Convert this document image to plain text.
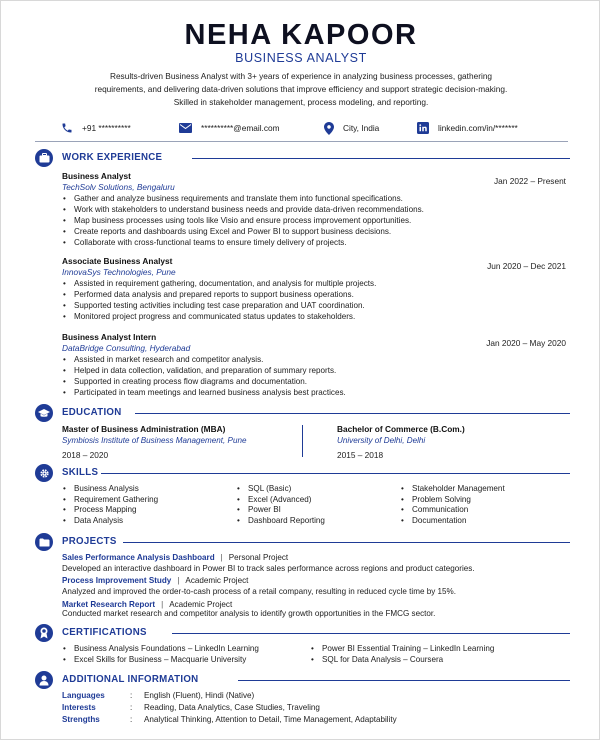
NEHA KAPOOR
BUSINESS ANALYST
Results-driven Business Analyst with 3+ years of experience in analyzing business processes, gathering requirements, and delivering data-driven solutions that improve efficiency and support strategic decision-making. Skilled in stakeholder management, process modeling, and reporting.
+91 **********	**********@email.com	City, India	linkedin.com/in/*******
WORK EXPERIENCE
Business Analyst
TechSolv Solutions, Bengaluru
Jan 2022 – Present
• Gather and analyze business requirements and translate them into functional specifications.
• Work with stakeholders to understand business needs and provide data-driven recommendations.
• Map business processes using tools like Visio and ensure process improvement opportunities.
• Create reports and dashboards using Excel and Power BI to support business decisions.
• Collaborate with cross-functional teams to ensure timely delivery of projects.
Associate Business Analyst
InnovaSys Technologies, Pune
Jun 2020 – Dec 2021
• Assisted in requirement gathering, documentation, and analysis for multiple projects.
• Performed data analysis and prepared reports to support business operations.
• Supported testing activities including test case preparation and UAT coordination.
• Monitored project progress and communicated status updates to stakeholders.
Business Analyst Intern
DataBridge Consulting, Hyderabad	Jan 2020 – May 2020
• Assisted in market research and competitor analysis.
• Helped in data collection, validation, and preparation of summary reports.
• Supported in creating process flow diagrams and documentation.
• Participated in team meetings and learned business analysis best practices.
EDUCATION
Master of Business Administration (MBA)
Symbiosis Institute of Business Management, Pune
2018 – 2020
Bachelor of Commerce (B.Com.)
University of Delhi, Delhi
2015 – 2018
SKILLS
• Business Analysis
• Requirement Gathering
• Process Mapping
• Data Analysis
• SQL (Basic)
• Excel (Advanced)
• Power BI
• Dashboard Reporting
• Stakeholder Management
• Problem Solving
• Communication
• Documentation
PROJECTS
Sales Performance Analysis Dashboard | Personal Project
Developed an interactive dashboard in Power BI to track sales performance across regions and product categories.
Process Improvement Study | Academic Project
Analyzed and improved the order-to-cash process of a retail company, resulting in reduced cycle time by 15%.
Market Research Report | Academic Project
Conducted market research and competitor analysis to identify growth opportunities in the FMCG sector.
CERTIFICATIONS
• Business Analysis Foundations – LinkedIn Learning
• Excel Skills for Business – Macquarie University
• Power BI Essential Training – LinkedIn Learning
• SQL for Data Analysis – Coursera
ADDITIONAL INFORMATION
Languages	: English (Fluent), Hindi (Native)
Interests	: Reading, Data Analytics, Case Studies, Traveling
Strengths	: Analytical Thinking, Attention to Detail, Time Management, Adaptability
